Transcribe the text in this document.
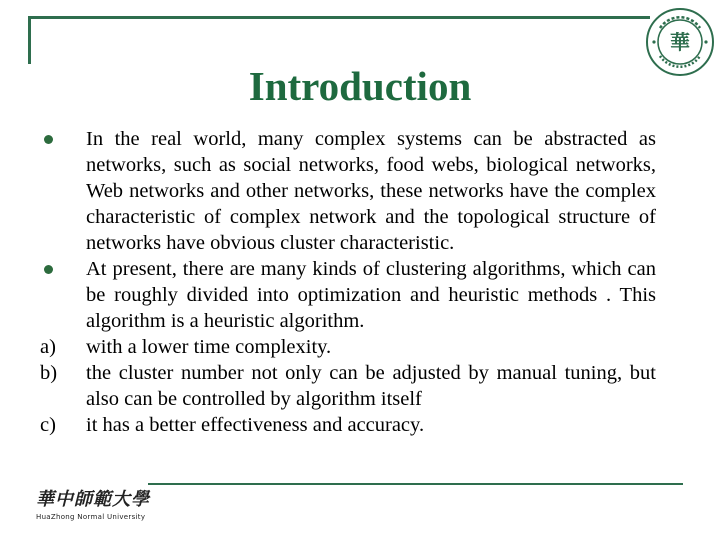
華
Introduction
In the real world, many complex systems can be abstracted as networks, such as social networks, food webs, biological networks, Web networks and other networks, these networks have the complex characteristic of complex network and the topological structure of networks have obvious cluster characteristic.
At present, there are many kinds of clustering algorithms, which can be roughly divided into optimization and heuristic methods . This algorithm is a heuristic algorithm.
a) with a lower time complexity.
b) the cluster number not only can be adjusted by manual tuning, but also can be controlled by algorithm itself
c) it has a better effectiveness and accuracy.
華中師範大學
HuaZhong Normal University
